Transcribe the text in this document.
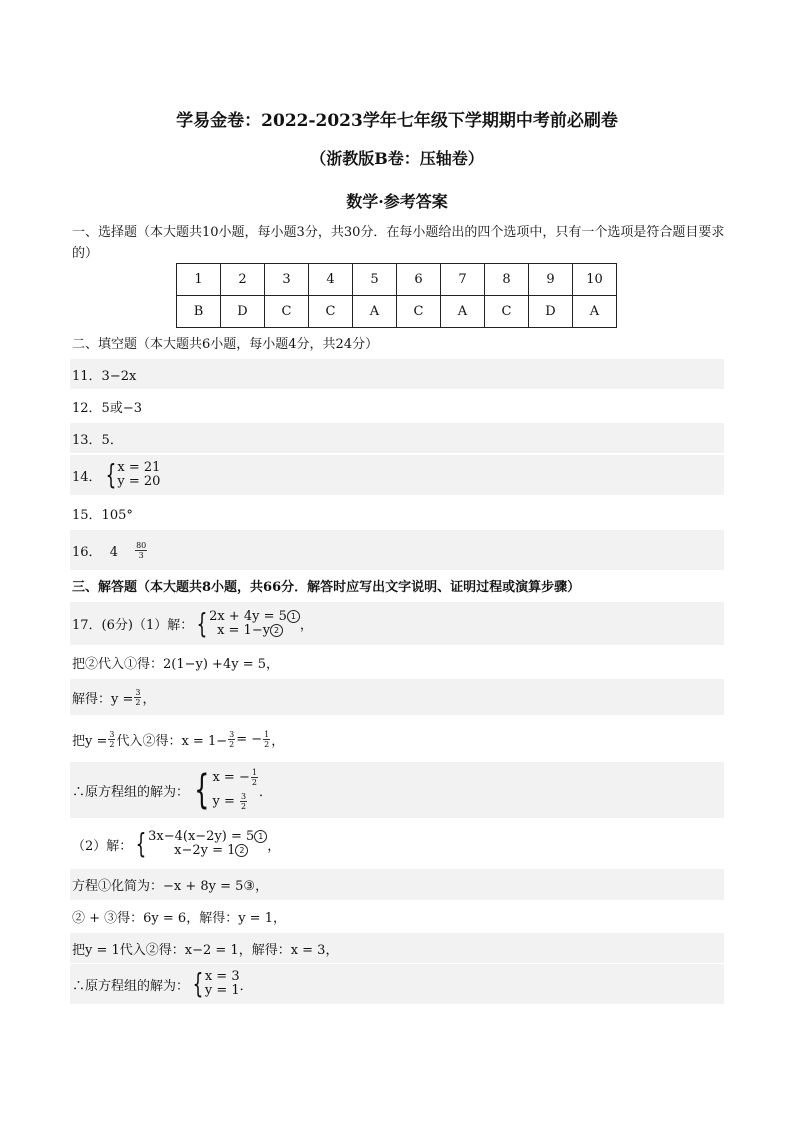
学易金卷：2022-2023学年七年级下学期期中考前必刷卷
（浙教版B卷：压轴卷）
数学·参考答案
一、选择题（本大题共10小题，每小题3分，共30分．在每小题给出的四个选项中，只有一个选项是符合题目要求的）
1	2	3	4	5	6	7	8	9	10
B	D	C	C	A	C	A	C	D	A
二、填空题（本大题共6小题，每小题4分，共24分）
11．3−2x
12．5或−3
13．5．
14． { x = 21
y = 20
15．105°
16．  $4 \frac{80}{3}$
三、解答题（本大题共8小题，共66分．解答时应写出文字说明、证明过程或演算步骤）
17．(6分)（1）解： { 2x + 4y = 5 1
x = 1−y 2	，
把②代入①得：2(1−y) +4y = 5，
解得：$y = \frac{3}{2}$ ，
把$y = \frac{3}{2}$ 代入②得：$x = 1- \frac{3}{2}$ = − $\frac{1}{2}$ ，
∴原方程组的解为： { x = − $\frac{1}{2}$
$y = \frac{3}{2}$ ．
（2）解： { 3x−4(x−2y) = 5 1
x−2y = 1 2	，
方程①化简为：−x + 8y = 5③，
② + ③得：6y = 6，解得：y = 1，
把y = 1代入②得：x−2 = 1，解得：x = 3，
∴原方程组的解为： { x = 3
y = 1 ．
